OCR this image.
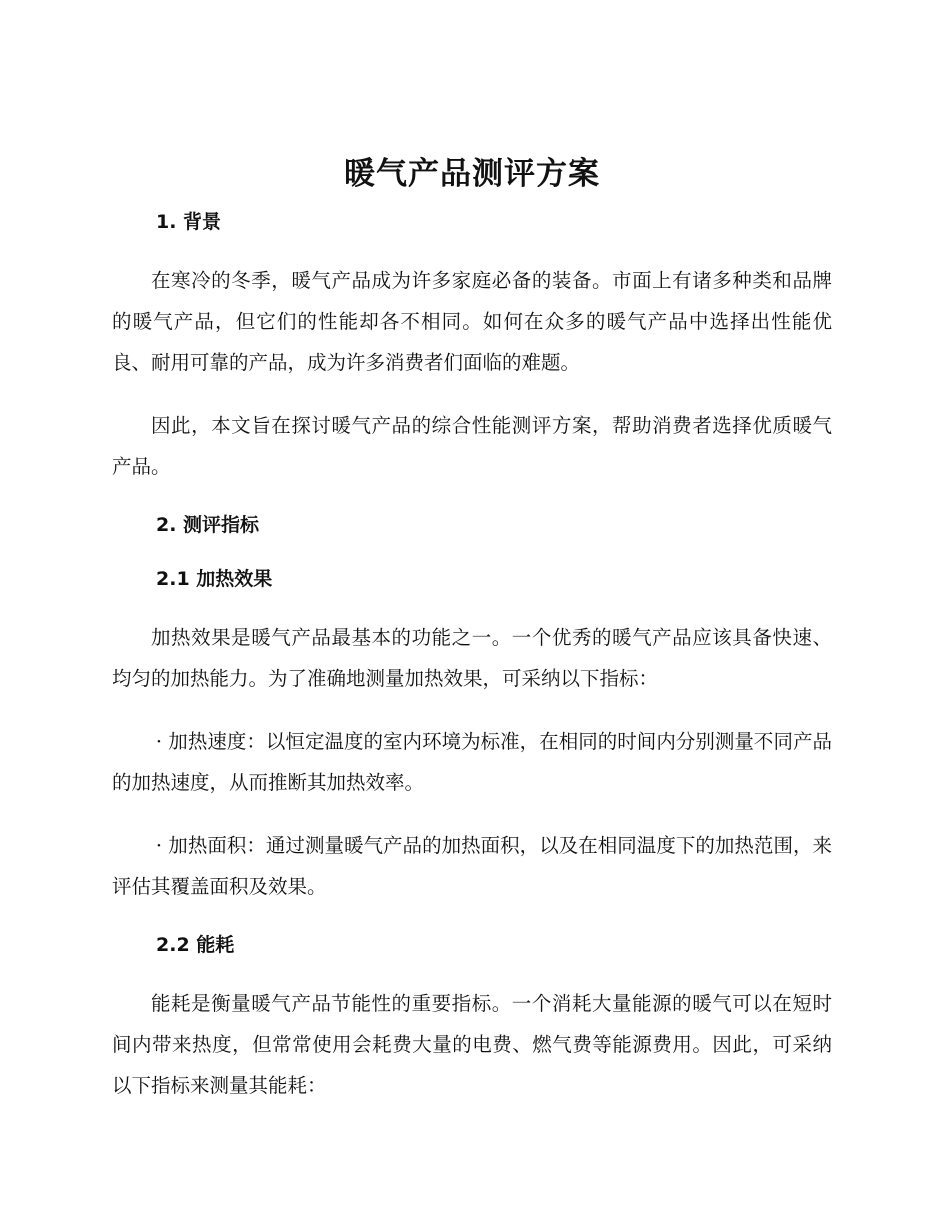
暖气产品测评方案
1. 背景

在寒冷的冬季，暖气产品成为许多家庭必备的装备。市面上有诸多种类和品牌的暖气产品，但它们的性能却各不相同。如何在众多的暖气产品中选择出性能优良、耐用可靠的产品，成为许多消费者们面临的难题。

因此，本文旨在探讨暖气产品的综合性能测评方案，帮助消费者选择优质暖气产品。

2. 测评指标
2.1 加热效果

加热效果是暖气产品最基本的功能之一。一个优秀的暖气产品应该具备快速、均匀的加热能力。为了准确地测量加热效果，可采纳以下指标：

· 加热速度：以恒定温度的室内环境为标准，在相同的时间内分别测量不同产品的加热速度，从而推断其加热效率。

· 加热面积：通过测量暖气产品的加热面积，以及在相同温度下的加热范围，来评估其覆盖面积及效果。

2.2 能耗

能耗是衡量暖气产品节能性的重要指标。一个消耗大量能源的暖气可以在短时间内带来热度，但常常使用会耗费大量的电费、燃气费等能源费用。因此，可采纳以下指标来测量其能耗：
